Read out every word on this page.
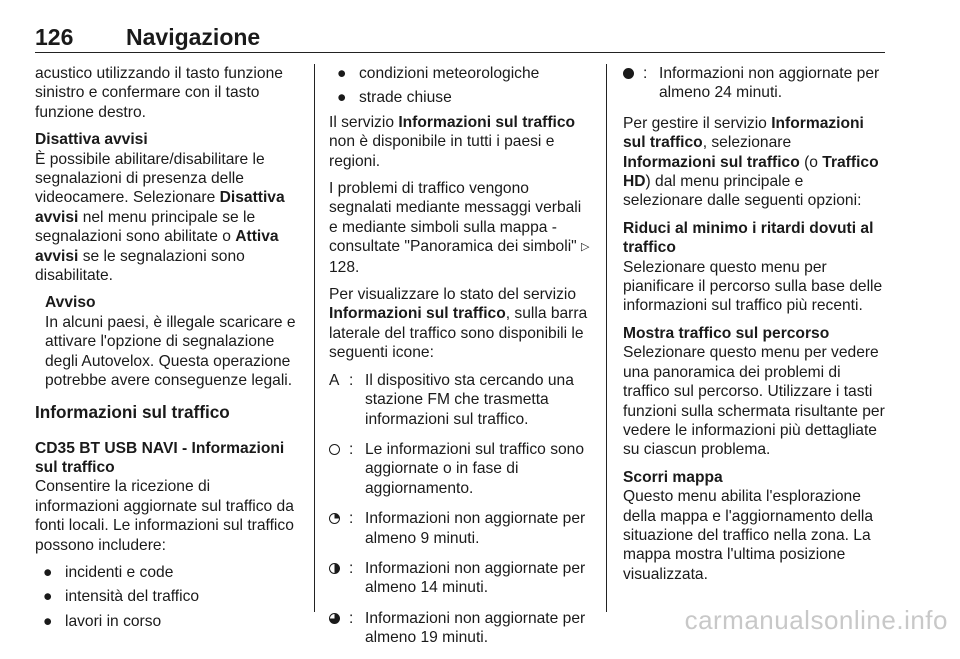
126 Navigazione

acustico utilizzando il tasto funzione sinistro e confermare con il tasto funzione destro.

Disattiva avvisi

È possibile abilitare/disabilitare le segnalazioni di presenza delle videocamere. Selezionare Disattiva avvisi nel menu principale se le segnalazioni sono abilitate o Attiva avvisi se le segnalazioni sono disabilitate.

Avviso
In alcuni paesi, è illegale scaricare e attivare l'opzione di segnalazione degli Autovelox. Questa operazione potrebbe avere conseguenze legali.
Informazioni sul traffico
CD35 BT USB NAVI - Informazioni sul traffico

Consentire la ricezione di informazioni aggiornate sul traffico da fonti locali. Le informazioni sul traffico possono includere:

● incidenti e code
● intensità del traffico
● lavori in corso
● condizioni meteorologiche
● strade chiuse

Il servizio Informazioni sul traffico non è disponibile in tutti i paesi e regioni.

I problemi di traffico vengono segnalati mediante messaggi verbali e mediante simboli sulla mappa - consultate "Panoramica dei simboli" ▷ 128.

Per visualizzare lo stato del servizio Informazioni sul traffico, sulla barra laterale del traffico sono disponibili le seguenti icone:

A : Il dispositivo sta cercando una stazione FM che trasmetta informazioni sul traffico.
: Le informazioni sul traffico sono aggiornate o in fase di aggiornamento.
: Informazioni non aggiornate per almeno 9 minuti.
: Informazioni non aggiornate per almeno 14 minuti.
: Informazioni non aggiornate per almeno 19 minuti.
: Informazioni non aggiornate per almeno 24 minuti.

Per gestire il servizio Informazioni sul traffico, selezionare Informazioni sul traffico (o Traffico HD) dal menu principale e selezionare dalle seguenti opzioni:

Riduci al minimo i ritardi dovuti al traffico

Selezionare questo menu per pianificare il percorso sulla base delle informazioni sul traffico più recenti.

Mostra traffico sul percorso

Selezionare questo menu per vedere una panoramica dei problemi di traffico sul percorso. Utilizzare i tasti funzioni sulla schermata risultante per vedere le informazioni più dettagliate su ciascun problema.

Scorri mappa

Questo menu abilita l'esplorazione della mappa e l'aggiornamento della situazione del traffico nella zona. La mappa mostra l'ultima posizione visualizzata.

carmanualsonline.info
